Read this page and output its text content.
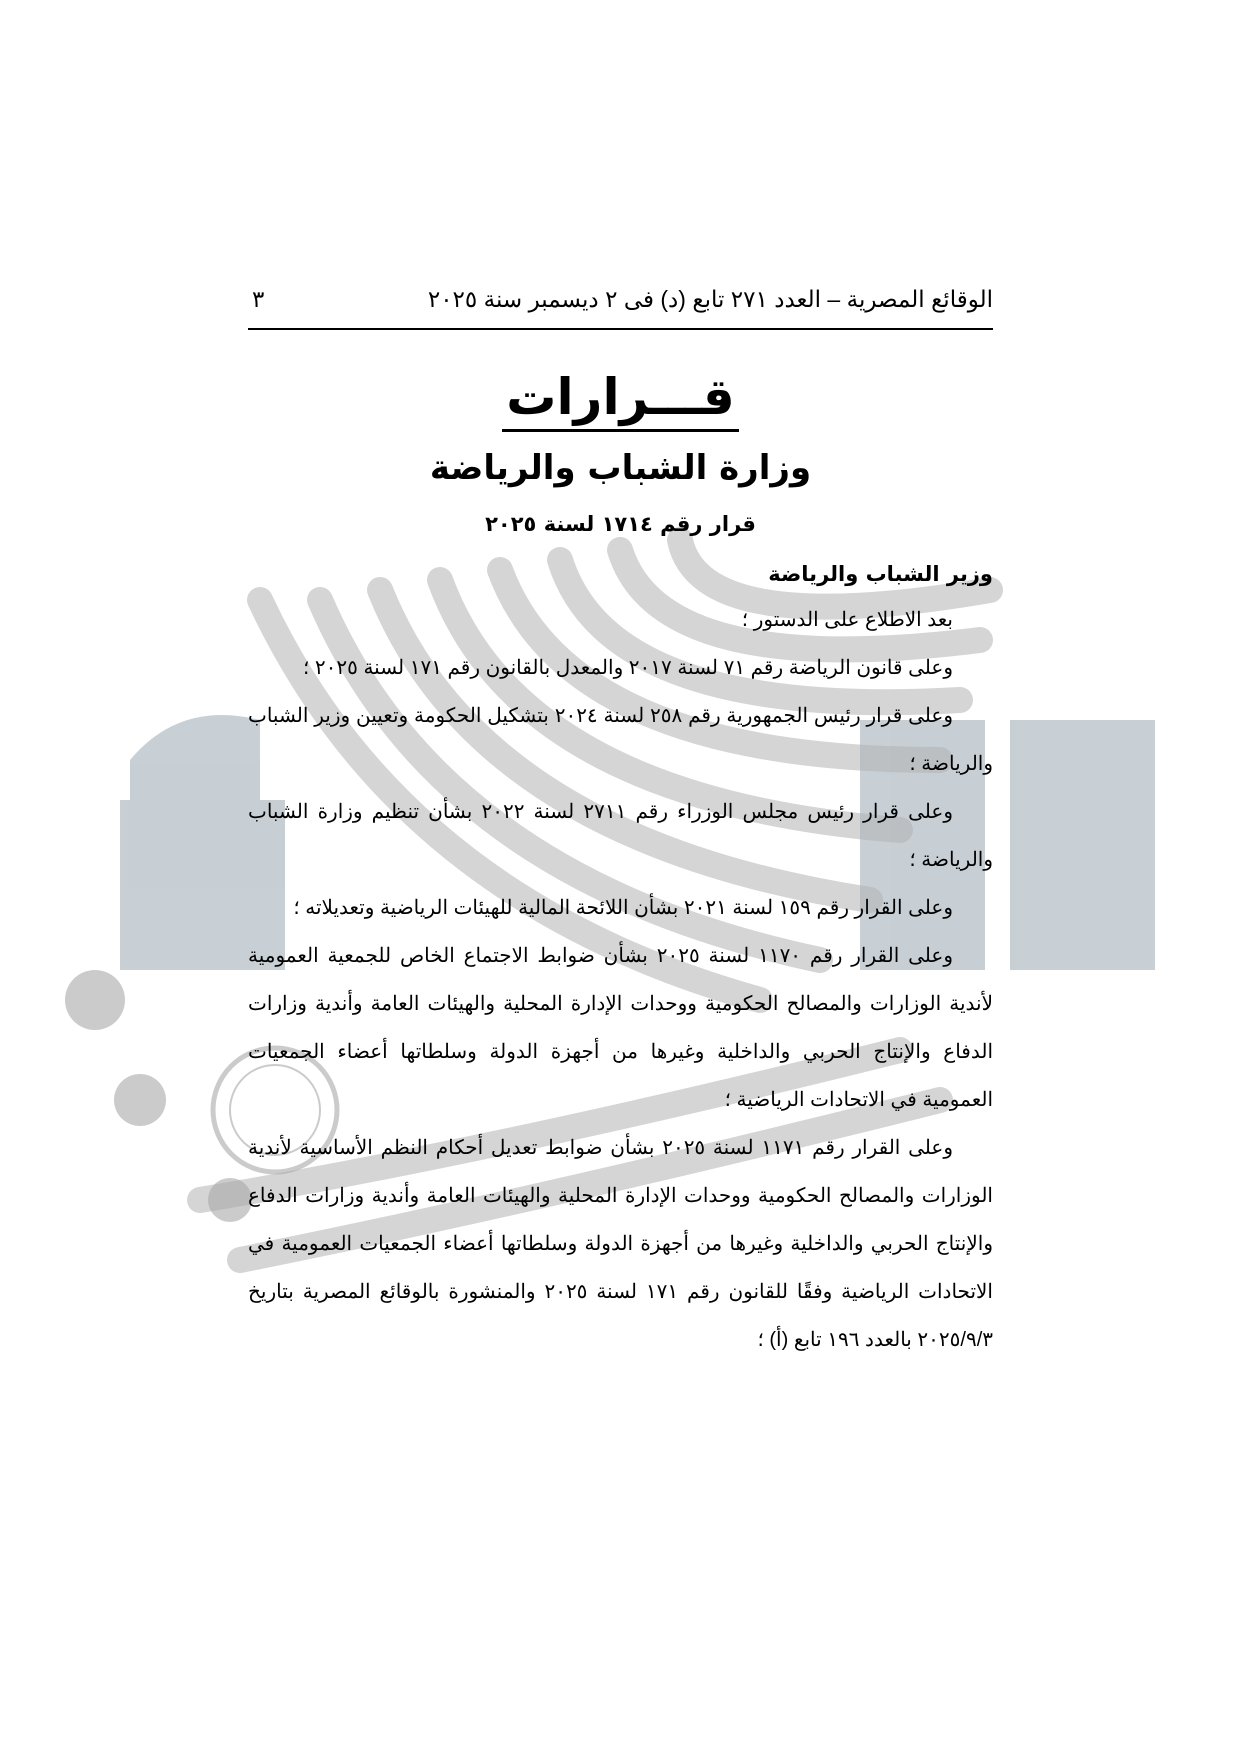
الوقائع المصرية – العدد ٢٧١ تابع (د) فى ٢ ديسمبر سنة ٢٠٢٥
٣
قـــرارات
وزارة الشباب والرياضة
قرار رقم ١٧١٤ لسنة ٢٠٢٥
وزير الشباب والرياضة

بعد الاطلاع على الدستور ؛

وعلى قانون الرياضة رقم ٧١ لسنة ٢٠١٧ والمعدل بالقانون رقم ١٧١ لسنة ٢٠٢٥ ؛

وعلى قرار رئيس الجمهورية رقم ٢٥٨ لسنة ٢٠٢٤ بتشكيل الحكومة وتعيين وزير الشباب والرياضة ؛

وعلى قرار رئيس مجلس الوزراء رقم ٢٧١١ لسنة ٢٠٢٢ بشأن تنظيم وزارة الشباب والرياضة ؛

وعلى القرار رقم ١٥٩ لسنة ٢٠٢١ بشأن اللائحة المالية للهيئات الرياضية وتعديلاته ؛

وعلى القرار رقم ١١٧٠ لسنة ٢٠٢٥ بشأن ضوابط الاجتماع الخاص للجمعية العمومية لأندية الوزارات والمصالح الحكومية ووحدات الإدارة المحلية والهيئات العامة وأندية وزارات الدفاع والإنتاج الحربي والداخلية وغيرها من أجهزة الدولة وسلطاتها أعضاء الجمعيات العمومية في الاتحادات الرياضية ؛

وعلى القرار رقم ١١٧١ لسنة ٢٠٢٥ بشأن ضوابط تعديل أحكام النظم الأساسية لأندية الوزارات والمصالح الحكومية ووحدات الإدارة المحلية والهيئات العامة وأندية وزارات الدفاع والإنتاج الحربي والداخلية وغيرها من أجهزة الدولة وسلطاتها أعضاء الجمعيات العمومية في الاتحادات الرياضية وفقًا للقانون رقم ١٧١ لسنة ٢٠٢٥ والمنشورة بالوقائع المصرية بتاريخ ٢٠٢٥/٩/٣ بالعدد ١٩٦ تابع (أ) ؛
